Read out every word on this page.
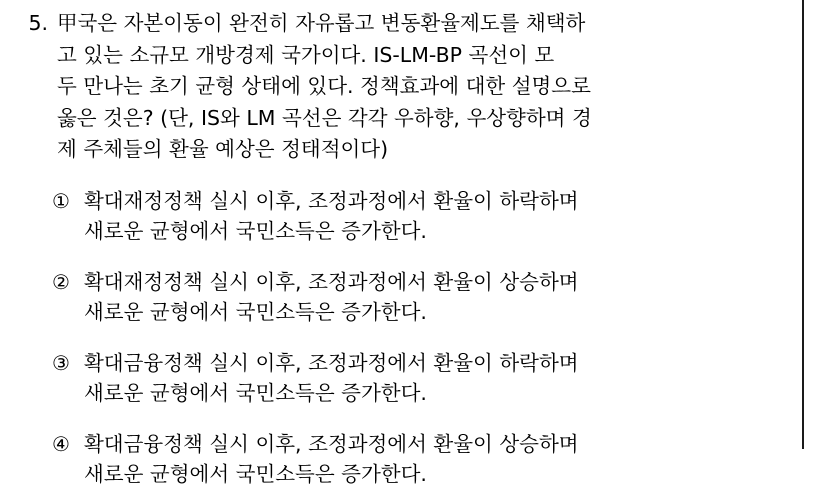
5. 甲국은 자본이동이 완전히 자유롭고 변동환율제도를 채택하
고 있는 소규모 개방경제 국가이다. IS-LM-BP 곡선이 모
두 만나는 초기 균형 상태에 있다. 정책효과에 대한 설명으로
옳은 것은? (단, IS와 LM 곡선은 각각 우하향, 우상향하며 경
제 주체들의 환율 예상은 정태적이다)
① 확대재정정책 실시 이후, 조정과정에서 환율이 하락하며
새로운 균형에서 국민소득은 증가한다.
② 확대재정정책 실시 이후, 조정과정에서 환율이 상승하며
새로운 균형에서 국민소득은 증가한다.
③ 확대금융정책 실시 이후, 조정과정에서 환율이 하락하며
새로운 균형에서 국민소득은 증가한다.
④ 확대금융정책 실시 이후, 조정과정에서 환율이 상승하며
새로운 균형에서 국민소득은 증가한다.
